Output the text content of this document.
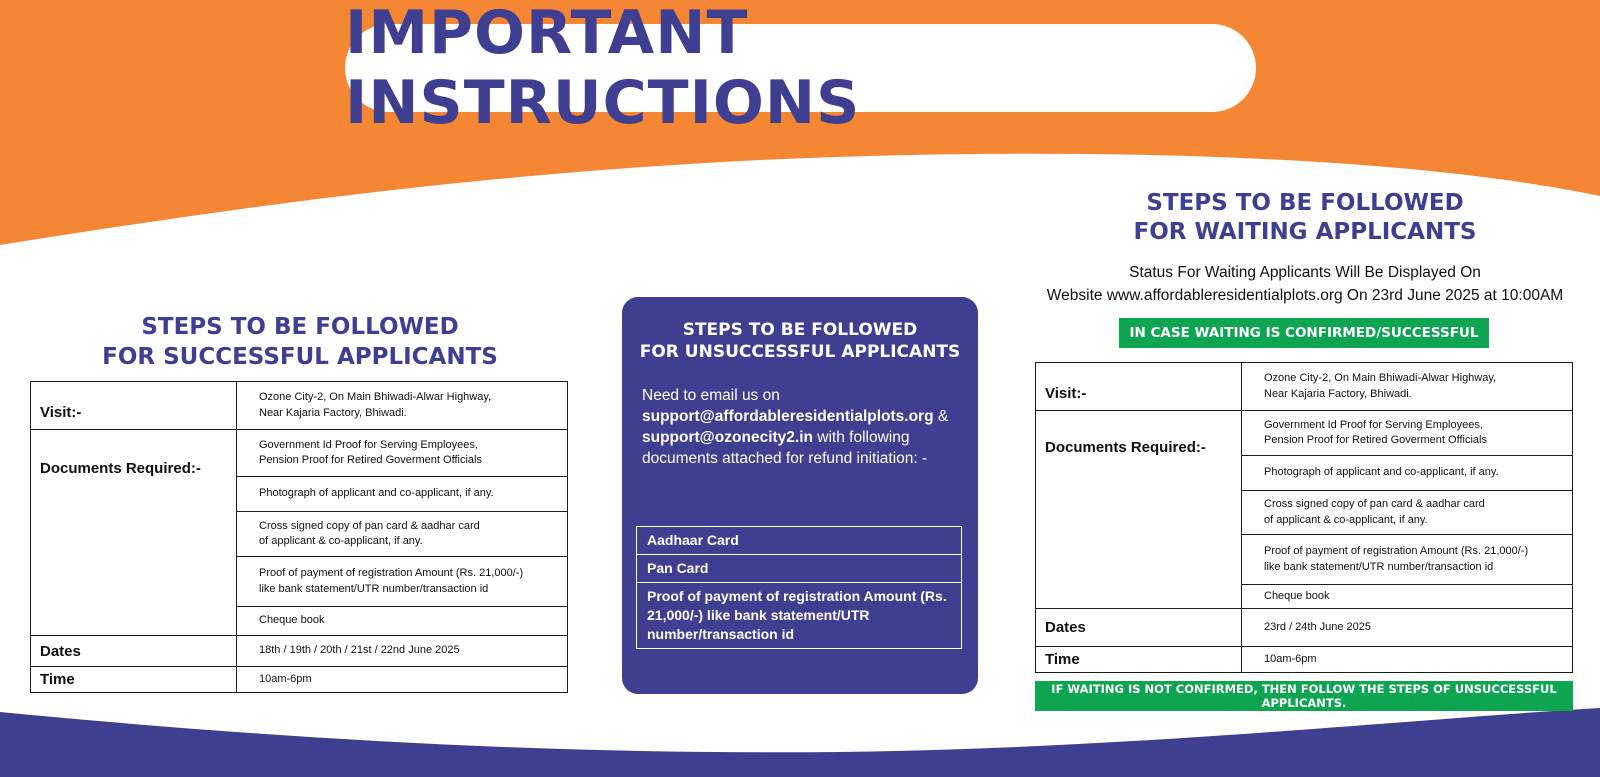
IMPORTANT INSTRUCTIONS
STEPS TO BE FOLLOWED
FOR SUCCESSFUL APPLICANTS
Visit:-	Ozone City-2, On Main Bhiwadi-Alwar Highway,
Near Kajaria Factory, Bhiwadi.

Documents Required:-	Government Id Proof for Serving Employees,
Pension Proof for Retired Goverment Officials

	Photograph of applicant and co-applicant, if any.

	Cross signed copy of pan card & aadhar card
of applicant & co-applicant, if any.

	Proof of payment of registration Amount (Rs. 21,000/-)
like bank statement/UTR number/transaction id

	Cheque book
Dates	18th / 19th / 20th / 21st / 22nd June 2025
Time	10am-6pm
STEPS TO BE FOLLOWED
FOR UNSUCCESSFUL APPLICANTS
Need to email us on
support@affordableresidentialplots.org &
support@ozonecity2.in with following documents attached for refund initiation: -
Aadhaar Card
Pan Card
Proof of payment of registration Amount (Rs. 21,000/-) like bank statement/UTR number/transaction id
STEPS TO BE FOLLOWED
FOR WAITING APPLICANTS
Status For Waiting Applicants Will Be Displayed On
Website www.affordableresidentialplots.org On 23rd June 2025 at 10:00AM
IN CASE WAITING IS CONFIRMED/SUCCESSFUL
Visit:-	Ozone City-2, On Main Bhiwadi-Alwar Highway,
Near Kajaria Factory, Bhiwadi.

Documents Required:-	Government Id Proof for Serving Employees,
Pension Proof for Retired Goverment Officials

	Photograph of applicant and co-applicant, if any.

	Cross signed copy of pan card & aadhar card
of applicant & co-applicant, if any.

	Proof of payment of registration Amount (Rs. 21,000/-)
like bank statement/UTR number/transaction id

	Cheque book
Dates	23rd / 24th June 2025
Time	10am-6pm
IF WAITING IS NOT CONFIRMED, THEN FOLLOW THE STEPS OF UNSUCCESSFUL APPLICANTS.
